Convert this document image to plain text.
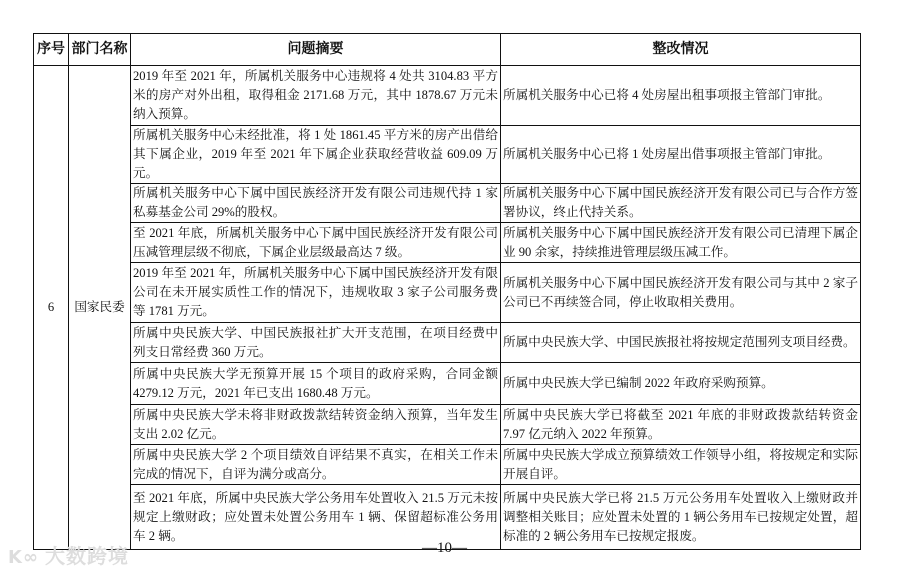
序号	部门名称	问题摘要	整改情况
6	国家民委	2019 年至 2021 年，所属机关服务中心违规将 4 处共 3104.83 平方米的房产对外出租，取得租金 2171.68 万元，其中 1878.67 万元未纳入预算。	所属机关服务中心已将 4 处房屋出租事项报主管部门审批。
		所属机关服务中心未经批准，将 1 处 1861.45 平方米的房产出借给其下属企业，2019 年至 2021 年下属企业获取经营收益 609.09 万元。	所属机关服务中心已将 1 处房屋出借事项报主管部门审批。
		所属机关服务中心下属中国民族经济开发有限公司违规代持 1 家私募基金公司 29%的股权。	所属机关服务中心下属中国民族经济开发有限公司已与合作方签署协议，终止代持关系。
		至 2021 年底，所属机关服务中心下属中国民族经济开发有限公司压减管理层级不彻底，下属企业层级最高达 7 级。	所属机关服务中心下属中国民族经济开发有限公司已清理下属企业 90 余家，持续推进管理层级压减工作。
		2019 年至 2021 年，所属机关服务中心下属中国民族经济开发有限公司在未开展实质性工作的情况下，违规收取 3 家子公司服务费等 1781 万元。	所属机关服务中心下属中国民族经济开发有限公司与其中 2 家子公司已不再续签合同，停止收取相关费用。
		所属中央民族大学、中国民族报社扩大开支范围，在项目经费中列支日常经费 360 万元。	所属中央民族大学、中国民族报社将按规定范围列支项目经费。
		所属中央民族大学无预算开展 15 个项目的政府采购，合同金额 4279.12 万元，2021 年已支出 1680.48 万元。	所属中央民族大学已编制 2022 年政府采购预算。
		所属中央民族大学未将非财政拨款结转资金纳入预算，当年发生支出 2.02 亿元。	所属中央民族大学已将截至 2021 年底的非财政拨款结转资金 7.97 亿元纳入 2022 年预算。
		所属中央民族大学 2 个项目绩效自评结果不真实，在相关工作未完成的情况下，自评为满分或高分。	所属中央民族大学成立预算绩效工作领导小组，将按规定和实际开展自评。
		至 2021 年底，所属中央民族大学公务用车处置收入 21.5 万元未按规定上缴财政；应处置未处置公务用车 1 辆、保留超标准公务用车 2 辆。	所属中央民族大学已将 21.5 万元公务用车处置收入上缴财政并调整相关账目；应处置未处置的 1 辆公务用车已按规定处置，超标准的 2 辆公务用车已按规定报废。
K∞ 大数跨境	—10—
